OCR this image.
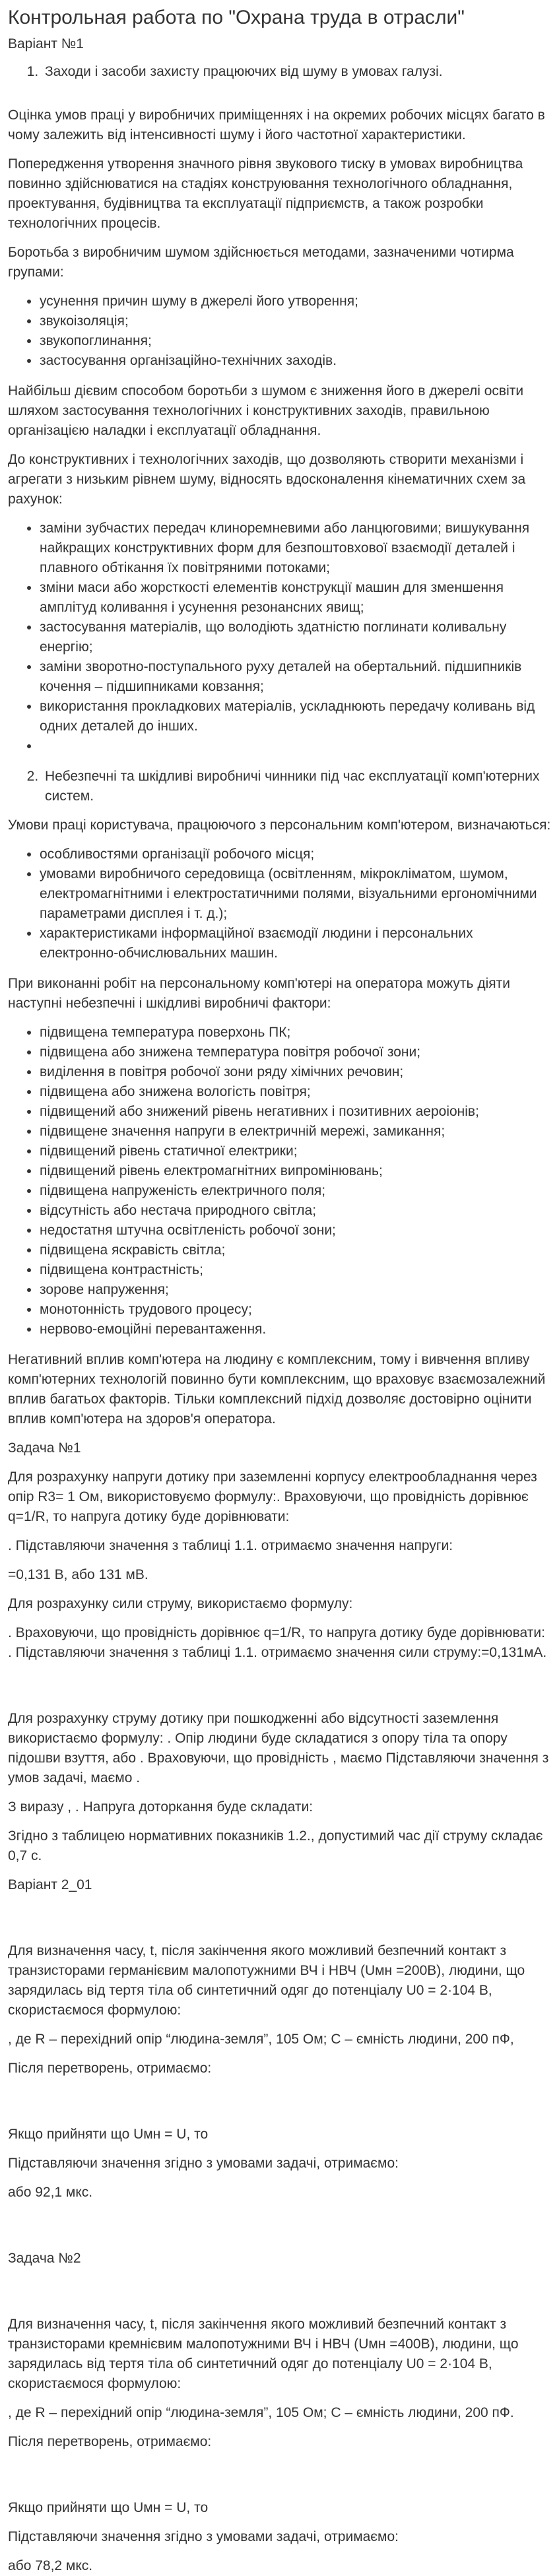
Контрольная работа по "Охрана труда в отрасли"

Варіант №1

1. Заходи і засоби захисту працюючих від шуму в умовах галузі.

Оцінка умов праці у виробничих приміщеннях і на окремих робочих місцях багато в чому залежить від інтенсивності шуму і його частотної характеристики.

Попередження утворення значного рівня звукового тиску в умовах виробництва повинно здійснюватися на стадіях конструювання технологічного обладнання, проектування, будівництва та експлуатації підприємств, а також розробки технологічних процесів.

Боротьба з виробничим шумом здійснюється методами, зазначеними чотирма групами:

• усунення причин шуму в джерелі його утворення;
• звукоізоляція;
• звукопоглинання;
• застосування організаційно-технічних заходів.

Найбільш дієвим способом боротьби з шумом є зниження його в джерелі освіти шляхом застосування технологічних і конструктивних заходів, правильною організацією наладки і експлуатації обладнання.

До конструктивних і технологічних заходів, що дозволяють створити механізми і агрегати з низьким рівнем шуму, відносять вдосконалення кінематичних схем за рахунок:

• заміни зубчастих передач клиноремневими або ланцюговими; вишукування найкращих конструктивних форм для безпоштовхової взаємодії деталей і плавного обтікання їх повітряними потоками;
• зміни маси або жорсткості елементів конструкції машин для зменшення амплітуд коливання і усунення резонансних явищ;
• застосування матеріалів, що володіють здатністю поглинати коливальну енергію;
• заміни зворотно-поступального руху деталей на обертальний. підшипників кочення – підшипниками ковзання;
• використання прокладкових матеріалів, ускладнюють передачу коливань від одних деталей до інших.
•
2. Небезпечні та шкідливі виробничі чинники під час експлуатації комп'ютерних систем.

Умови праці користувача, працюючого з персональним комп'ютером, визначаються:

• особливостями організації робочого місця;
• умовами виробничого середовища (освітленням, мікрокліматом, шумом, електромагнітними і електростатичними полями, візуальними ергономічними параметрами дисплея і т. д.);
• характеристиками інформаційної взаємодії людини і персональних електронно-обчислювальних машин.

При виконанні робіт на персональному комп'ютері на оператора можуть діяти наступні небезпечні і шкідливі виробничі фактори:

• підвищена температура поверхонь ПК;
• підвищена або знижена температура повітря робочої зони;
• виділення в повітря робочої зони ряду хімічних речовин;
• підвищена або знижена вологість повітря;
• підвищений або знижений рівень негативних і позитивних аероіонів;
• підвищене значення напруги в електричній мережі, замикання;
• підвищений рівень статичної електрики;
• підвищений рівень електромагнітних випромінювань;
• підвищена напруженість електричного поля;
• відсутність або нестача природного світла;
• недостатня штучна освітленість робочої зони;
• підвищена яскравість світла;
• підвищена контрастність;
• зорове напруження;
• монотонність трудового процесу;
• нервово-емоційні перевантаження.

Негативний вплив комп'ютера на людину є комплексним, тому і вивчення впливу комп'ютерних технологій повинно бути комплексним, що враховує взаємозалежний вплив багатьох факторів. Тільки комплексний підхід дозволяє достовірно оцінити вплив комп'ютера на здоров'я оператора.

Задача №1

Для розрахунку напруги дотику при заземленні корпусу електрообладнання через опір R3= 1 Ом, використовуємо формулу:. Враховуючи, що провідність дорівнює q=1/R, то напруга дотику буде дорівнювати:

. Підставляючи значення з таблиці 1.1. отримаємо значення напруги:

=0,131 В, або 131 мВ.

Для розрахунку сили струму, використаємо формулу:

. Враховуючи, що провідність дорівнює q=1/R, то напруга дотику буде дорівнювати: . Підставляючи значення з таблиці 1.1. отримаємо значення сили струму:=0,131мА.

Для розрахунку струму дотику при пошкодженні або відсутності заземлення використаємо формулу: . Опір людини буде складатися з опору тіла та опору підошви взуття, або . Враховуючи, що провідність , маємо Підставляючи значення з умов задачі, маємо .

З виразу , . Напруга доторкання буде складати:

Згідно з таблицею нормативних показників 1.2., допустимий час дії струму складає 0,7 с.

Варіант 2_01

Для визначення часу, t, після закінчення якого можливий безпечний контакт з транзисторами германієвим малопотужними ВЧ і НВЧ (Uмн =200В), людини, що зарядилась від тертя тіла об синтетичний одяг до потенціалу U0 = 2·104 В, скористаємося формулою:

, де R – перехідний опір “людина-земля”, 105 Ом; С – ємність людини, 200 пФ,

Після перетворень, отримаємо:

Якщо прийняти що Uмн = U, то

Підставляючи значення згідно з умовами задачі, отримаємо:

або 92,1 мкс.

Задача №2

Для визначення часу, t, після закінчення якого можливий безпечний контакт з транзисторами кремнієвим малопотужними ВЧ і НВЧ (Uмн =400В), людини, що зарядилась від тертя тіла об синтетичний одяг до потенціалу U0 = 2·104 В, скористаємося формулою:

, де R – перехідний опір “людина-земля”, 105 Ом; С – ємність людини, 200 пФ.

Після перетворень, отримаємо:

Якщо прийняти що Uмн = U, то

Підставляючи значення згідно з умовами задачі, отримаємо:

або 78,2 мкс.
